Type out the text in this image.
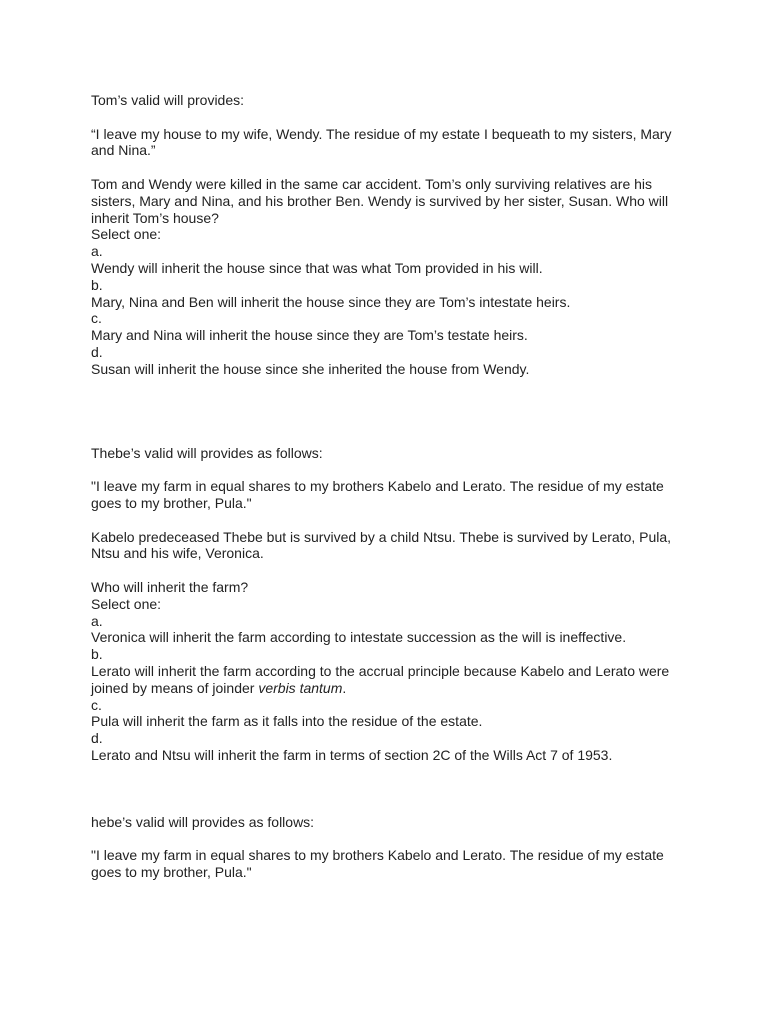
Tom’s valid will provides:

“I leave my house to my wife, Wendy. The residue of my estate I bequeath to my sisters, Mary and Nina.”

Tom and Wendy were killed in the same car accident. Tom’s only surviving relatives are his sisters, Mary and Nina, and his brother Ben. Wendy is survived by her sister, Susan. Who will inherit Tom’s house?

Select one:

a.
Wendy will inherit the house since that was what Tom provided in his will.
b.
Mary, Nina and Ben will inherit the house since they are Tom’s intestate heirs.
c.
Mary and Nina will inherit the house since they are Tom’s testate heirs.
d.
Susan will inherit the house since she inherited the house from Wendy.

Thebe’s valid will provides as follows:

"I leave my farm in equal shares to my brothers Kabelo and Lerato. The residue of my estate goes to my brother, Pula."

Kabelo predeceased Thebe but is survived by a child Ntsu. Thebe is survived by Lerato, Pula, Ntsu and his wife, Veronica.

Who will inherit the farm?

Select one:

a.
Veronica will inherit the farm according to intestate succession as the will is ineffective.
b.
Lerato will inherit the farm according to the accrual principle because Kabelo and Lerato were joined by means of joinder verbis tantum.
c.
Pula will inherit the farm as it falls into the residue of the estate.
d.
Lerato and Ntsu will inherit the farm in terms of section 2C of the Wills Act 7 of 1953.

hebe’s valid will provides as follows:

"I leave my farm in equal shares to my brothers Kabelo and Lerato. The residue of my estate goes to my brother, Pula."
